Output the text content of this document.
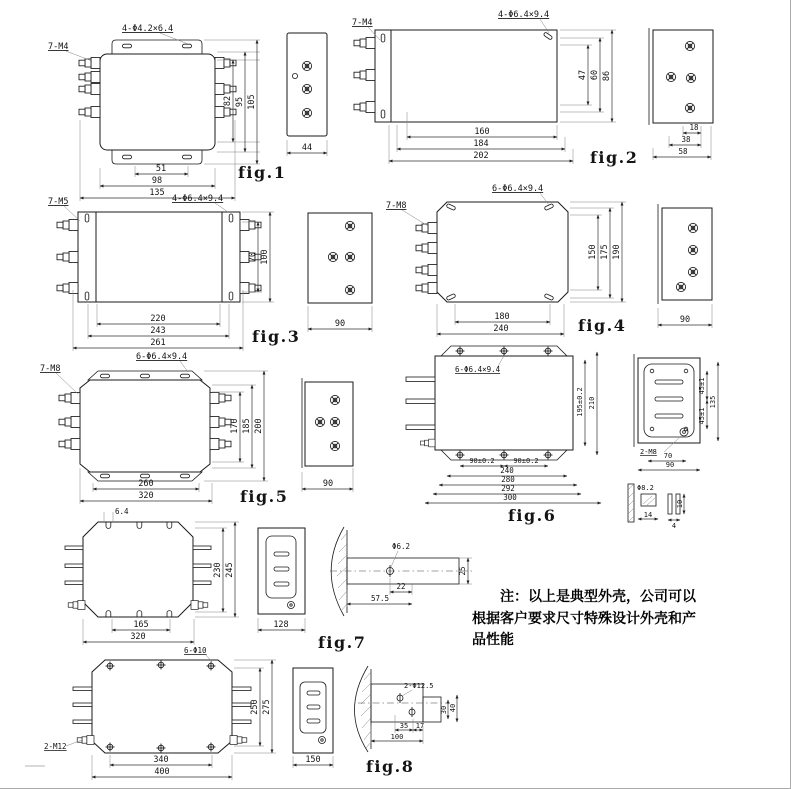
7-M4
4-Φ4.2×6.4
82 95 105
51
98
135
fig.1
44
7-M4
4-Φ6.4×9.4
160
184
202
47 60 86
fig.2
18
38
58
7-M5	4-Φ6.4×9.4
70 100
220
243
261	fig.3
90
7-M8
6-Φ6.4×9.4
180
240
150 175 190
fig.4	90
7-M8
6-Φ6.4×9.4
170 185 200
260
320	fig.5
90
6-Φ6.4×9.4
90±0.2	90±0.2
240
280
292
300
195±0.2 210
fig.6
2-M8 70
90
45±1
45±1
135
Φ8.2
14
10
4
6.4
230 245
165
320	fig.7
128
Φ6.2
25
22
57.5
6-Φ10
2-M12
250 275
340
400
150	fig.8
2-Φ12.5
35 17
100
30 40
注：以上是典型外壳，公司可以根据客户要求尺寸特殊设计外壳和产品性能
